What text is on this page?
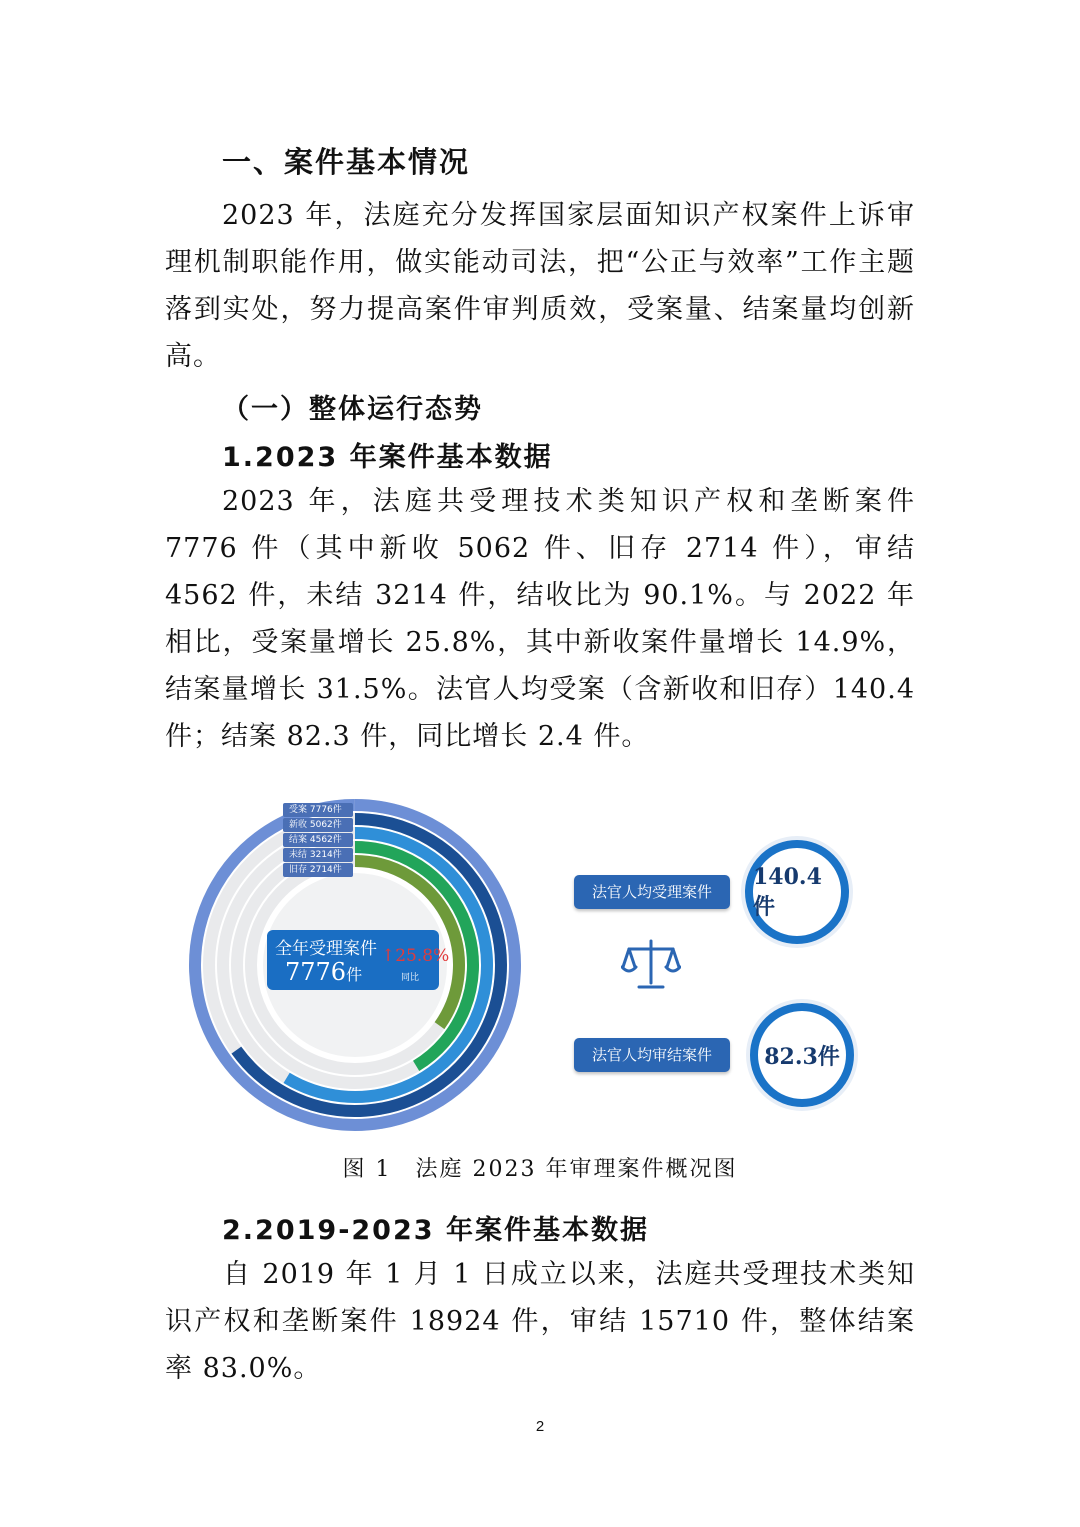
一、案件基本情况
2023 年，法庭充分发挥国家层面知识产权案件上诉审理机制职能作用，做实能动司法，把“公正与效率”工作主题落到实处，努力提高案件审判质效，受案量、结案量均创新高。
（一）整体运行态势
1.2023 年案件基本数据
2023 年，法庭共受理技术类知识产权和垄断案件 7776 件（其中新收 5062 件、旧存 2714 件），审结 4562 件，未结 3214 件，结收比为 90.1%。与 2022 年相比，受案量增长 25.8%，其中新收案件量增长 14.9%，结案量增长 31.5%。法官人均受案（含新收和旧存）140.4 件；结案 82.3 件，同比增长 2.4 件。
受案 7776件
新收 5062件
结案 4562件
未结 3214件
旧存 2714件
全年受理案件
7776件
↑25.8%
同比
法官人均受理案件
140.4件
法官人均审结案件	82.3件
图 1　法庭 2023 年审理案件概况图
2.2019-2023 年案件基本数据
自 2019 年 1 月 1 日成立以来，法庭共受理技术类知识产权和垄断案件 18924 件，审结 15710 件，整体结案率 83.0%。
2
